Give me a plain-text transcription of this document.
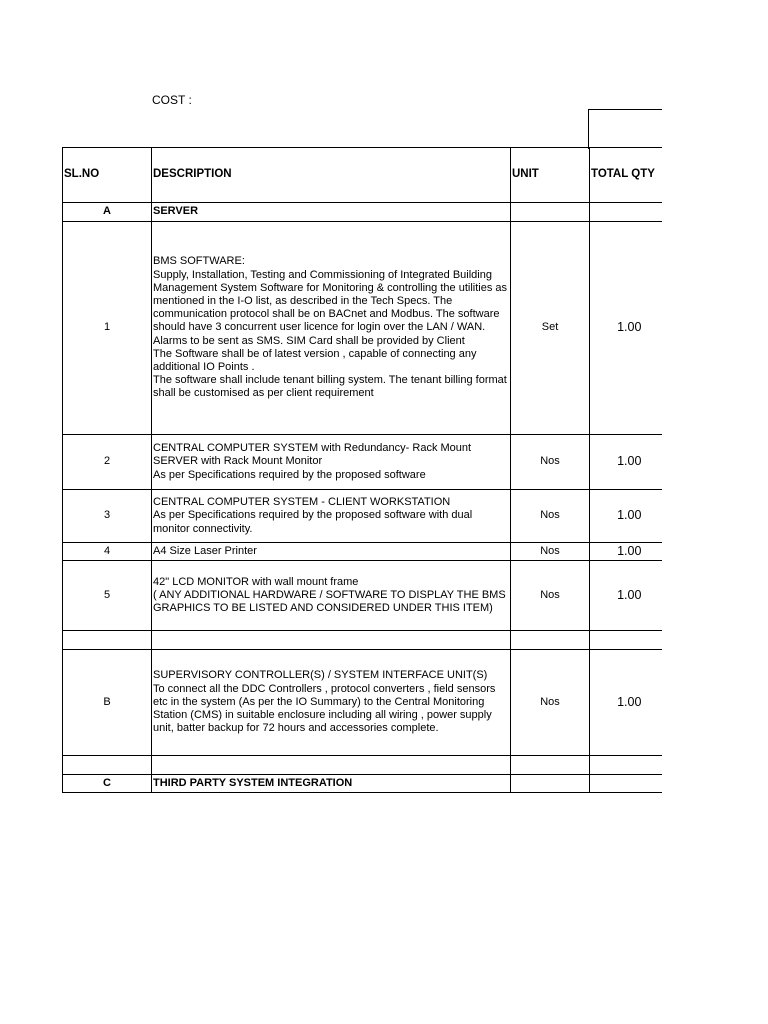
COST :
SL.NO	DESCRIPTION	UNIT	TOTAL QTY
A	SERVER		
1	BMS SOFTWARE:
Supply, Installation, Testing and Commissioning of Integrated Building Management System Software for Monitoring & controlling the utilities as mentioned in the I-O list, as described in the Tech Specs. The communication protocol shall be on BACnet and Modbus. The software should have 3 concurrent user licence for login over the LAN / WAN.
Alarms to be sent as SMS. SIM Card shall be provided by Client
The Software shall be of latest version , capable of connecting any additional IO Points .
The software shall include tenant billing system. The tenant billing format shall be customised as per client requirement	Set	1.00
2	CENTRAL COMPUTER SYSTEM with Redundancy- Rack Mount SERVER with Rack Mount Monitor
As per Specifications required by the proposed software	Nos	1.00
3	CENTRAL COMPUTER SYSTEM - CLIENT WORKSTATION
As per Specifications required by the proposed software with dual monitor connectivity.	Nos	1.00
4	A4 Size Laser Printer	Nos	1.00
5	42" LCD MONITOR with wall mount frame
( ANY ADDITIONAL HARDWARE / SOFTWARE TO DISPLAY THE BMS GRAPHICS TO BE LISTED AND CONSIDERED UNDER THIS ITEM)	Nos	1.00

B	SUPERVISORY CONTROLLER(S) / SYSTEM INTERFACE UNIT(S)
To connect all the DDC Controllers , protocol converters , field sensors etc in the system (As per the IO Summary) to the Central Monitoring Station (CMS) in suitable enclosure including all wiring , power supply unit, batter backup for 72 hours and accessories complete.	Nos	1.00

C	THIRD PARTY SYSTEM INTEGRATION		
